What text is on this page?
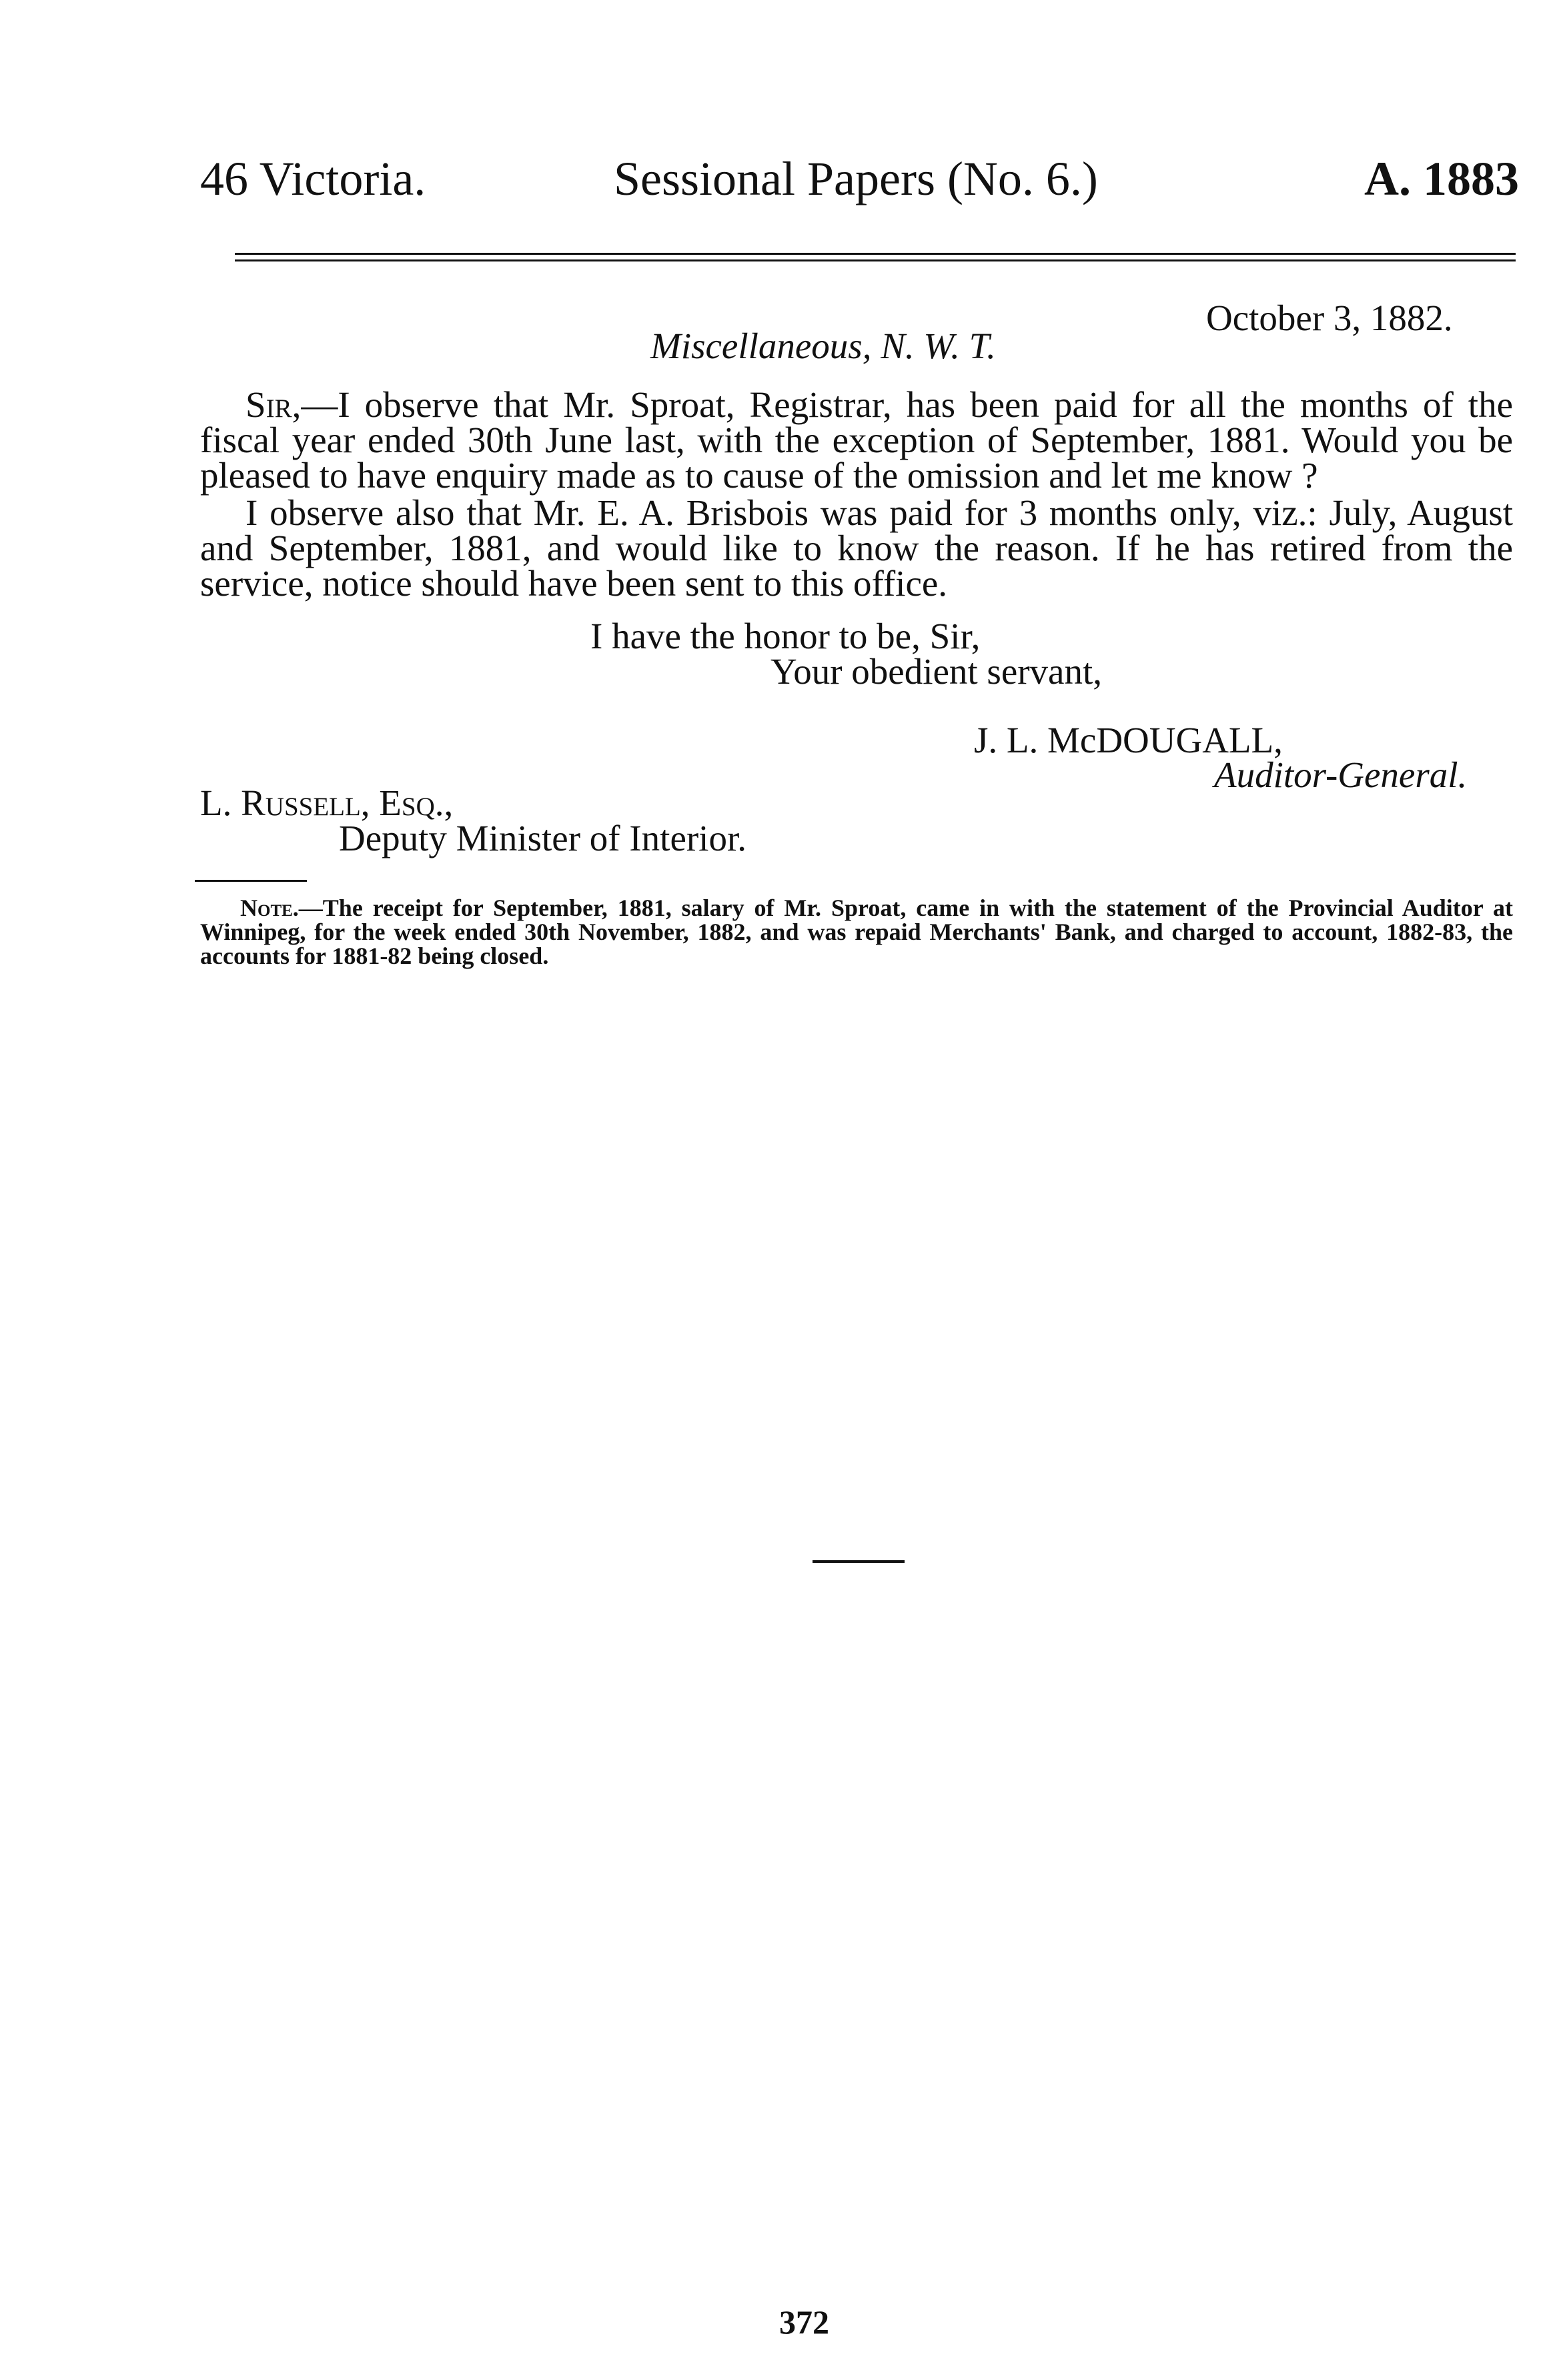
46 Victoria.	Sessional Papers (No. 6.)	A. 1883
October 3, 1882.
Miscellaneous, N. W. T.

Sir,—I observe that Mr. Sproat, Registrar, has been paid for all the months of the fiscal year ended 30th June last, with the exception of September, 1881. Would you be pleased to have enquiry made as to cause of the omission and let me know ?

I observe also that Mr. E. A. Brisbois was paid for 3 months only, viz.: July, August and September, 1881, and would like to know the reason. If he has retired from the service, notice should have been sent to this office.

I have the honor to be, Sir,
Your obedient servant,
J. L. McDOUGALL,
Auditor-General.
L. Russell, Esq.,
Deputy Minister of Interior.

Note.—The receipt for September, 1881, salary of Mr. Sproat, came in with the statement of the Provincial Auditor at Winnipeg, for the week ended 30th November, 1882, and was repaid Merchants' Bank, and charged to account, 1882-83, the accounts for 1881-82 being closed.

372
